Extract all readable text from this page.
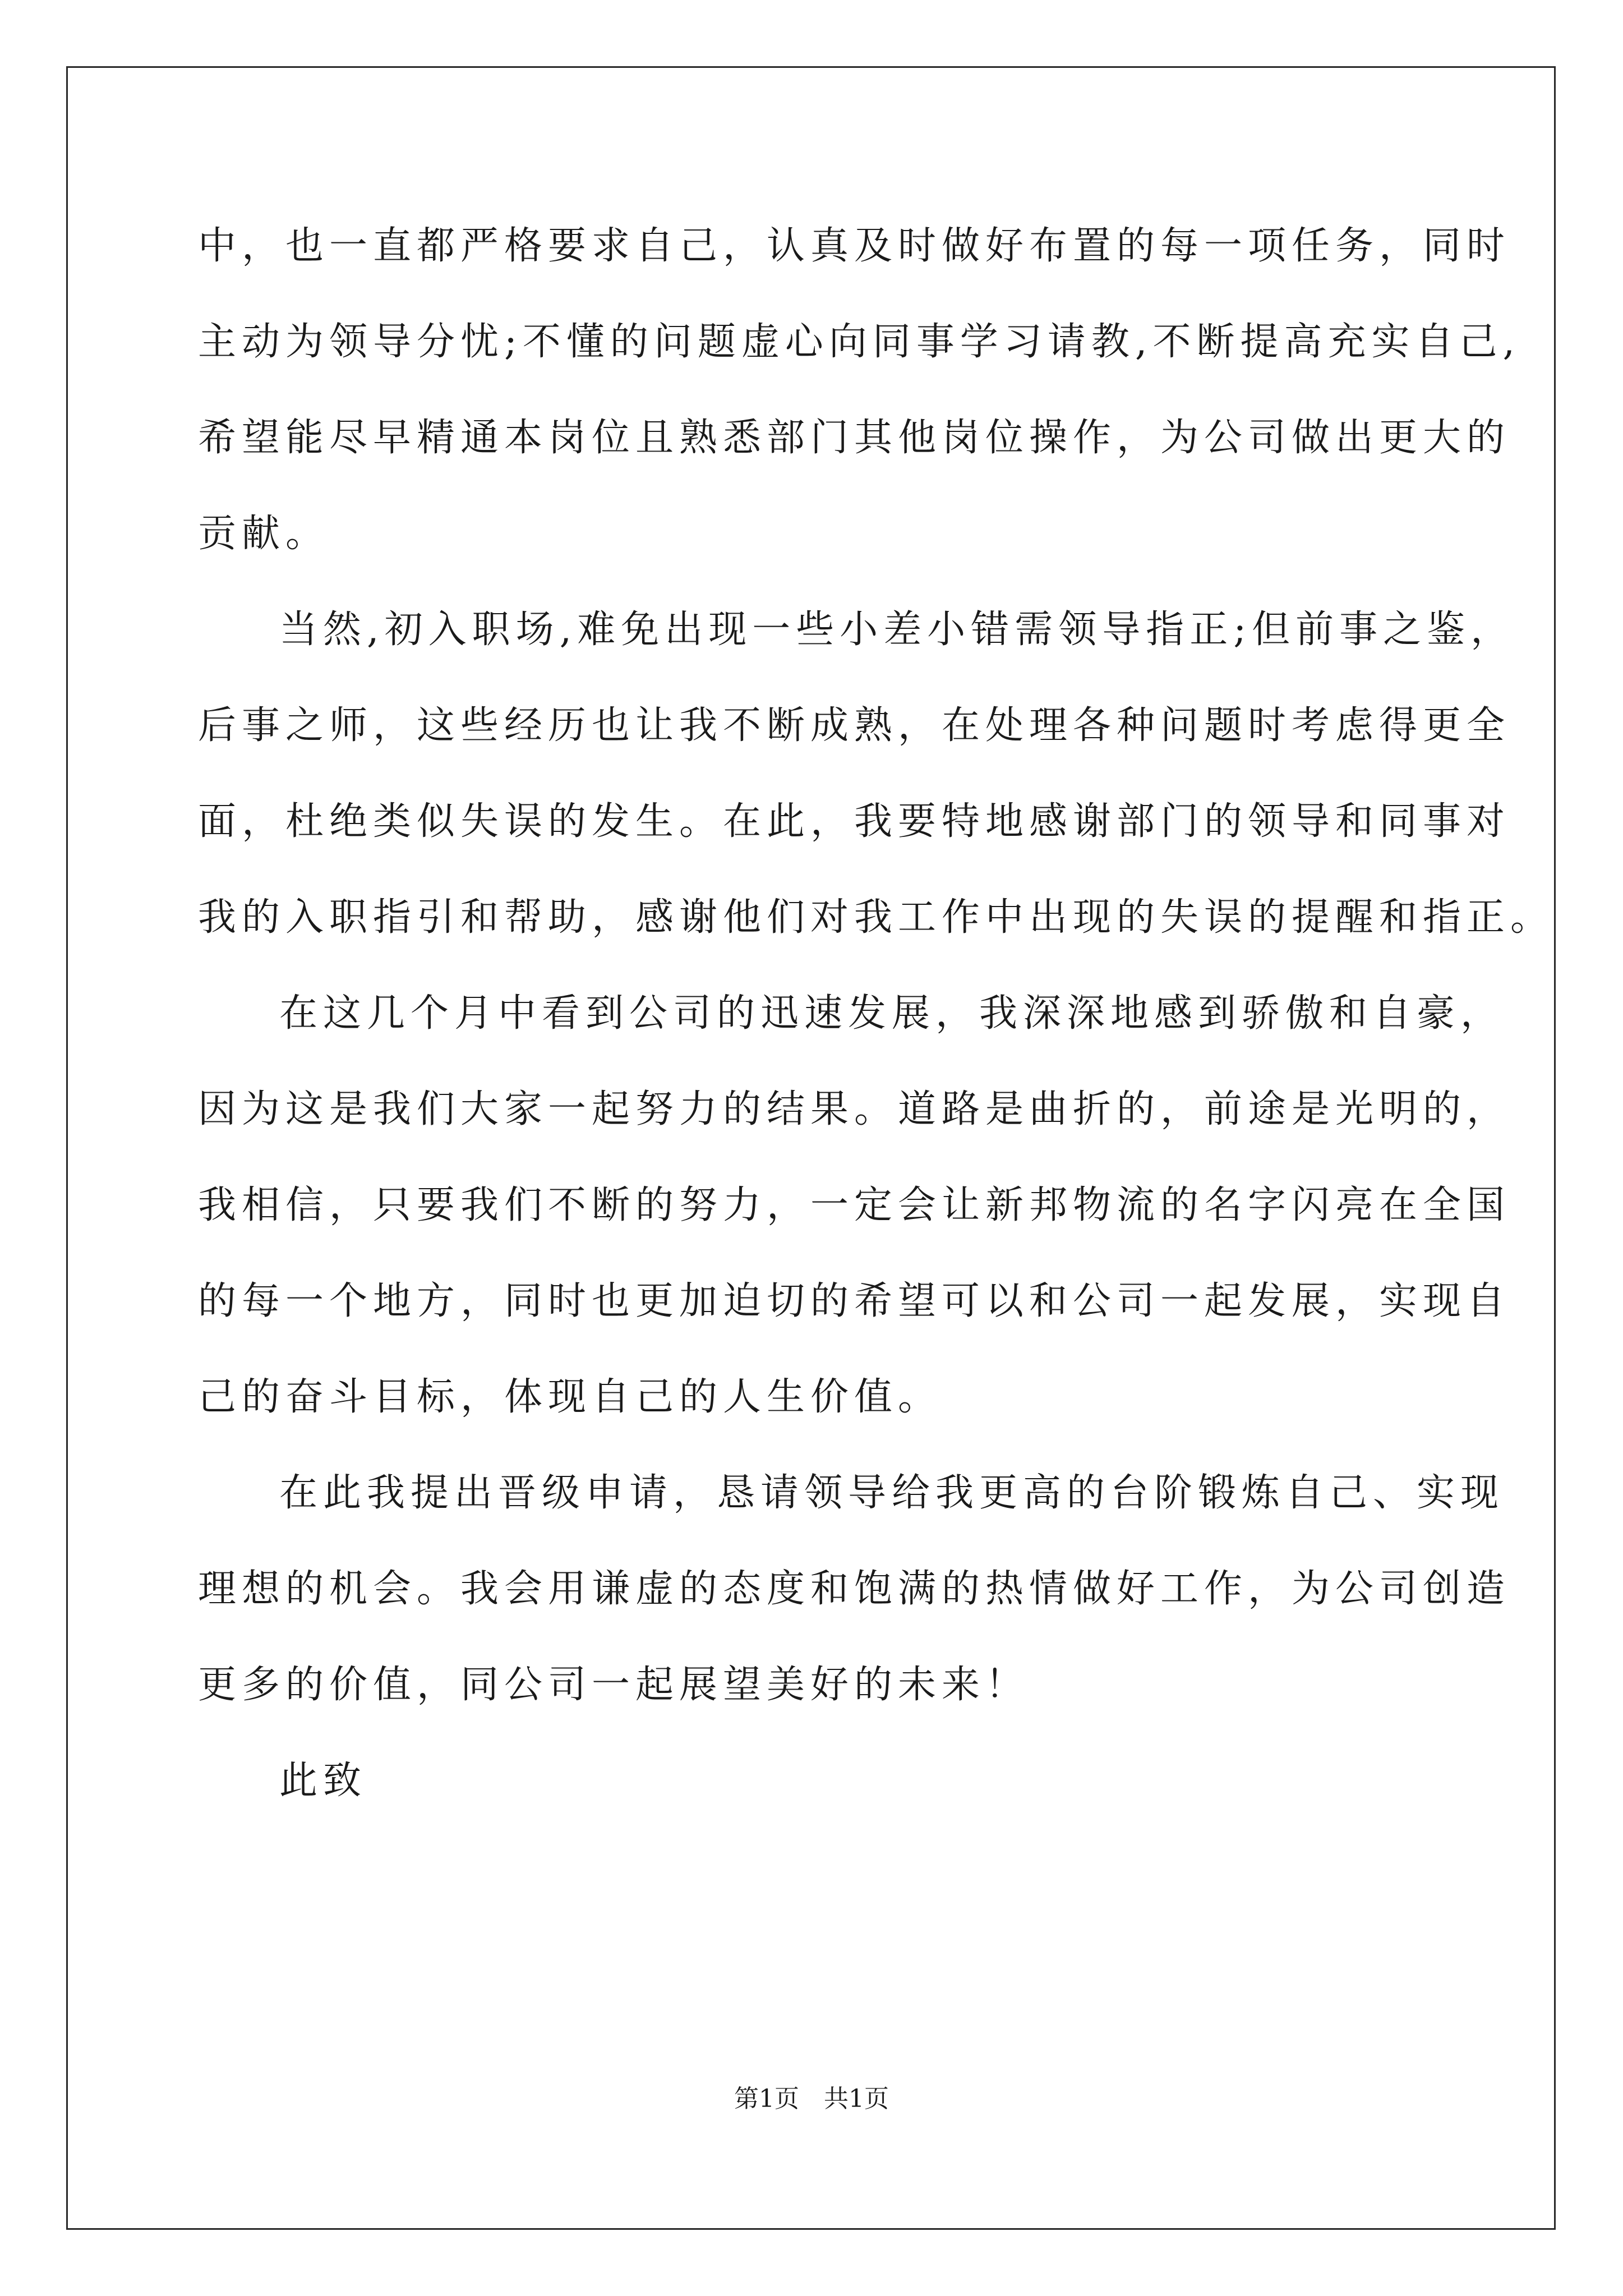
中，也一直都严格要求自己，认真及时做好布置的每一项任务，同时
主动为领导分忧;不懂的问题虚心向同事学习请教,不断提高充实自己,
希望能尽早精通本岗位且熟悉部门其他岗位操作，为公司做出更大的
贡献。
当然,初入职场,难免出现一些小差小错需领导指正;但前事之鉴，
后事之师，这些经历也让我不断成熟，在处理各种问题时考虑得更全
面，杜绝类似失误的发生。在此，我要特地感谢部门的领导和同事对
我的入职指引和帮助，感谢他们对我工作中出现的失误的提醒和指正。
在这几个月中看到公司的迅速发展，我深深地感到骄傲和自豪，
因为这是我们大家一起努力的结果。道路是曲折的，前途是光明的，
我相信，只要我们不断的努力，一定会让新邦物流的名字闪亮在全国
的每一个地方，同时也更加迫切的希望可以和公司一起发展，实现自
己的奋斗目标，体现自己的人生价值。
在此我提出晋级申请，恳请领导给我更高的台阶锻炼自己、实现
理想的机会。我会用谦虚的态度和饱满的热情做好工作，为公司创造
更多的价值，同公司一起展望美好的未来！
此致
第1页　共1页
